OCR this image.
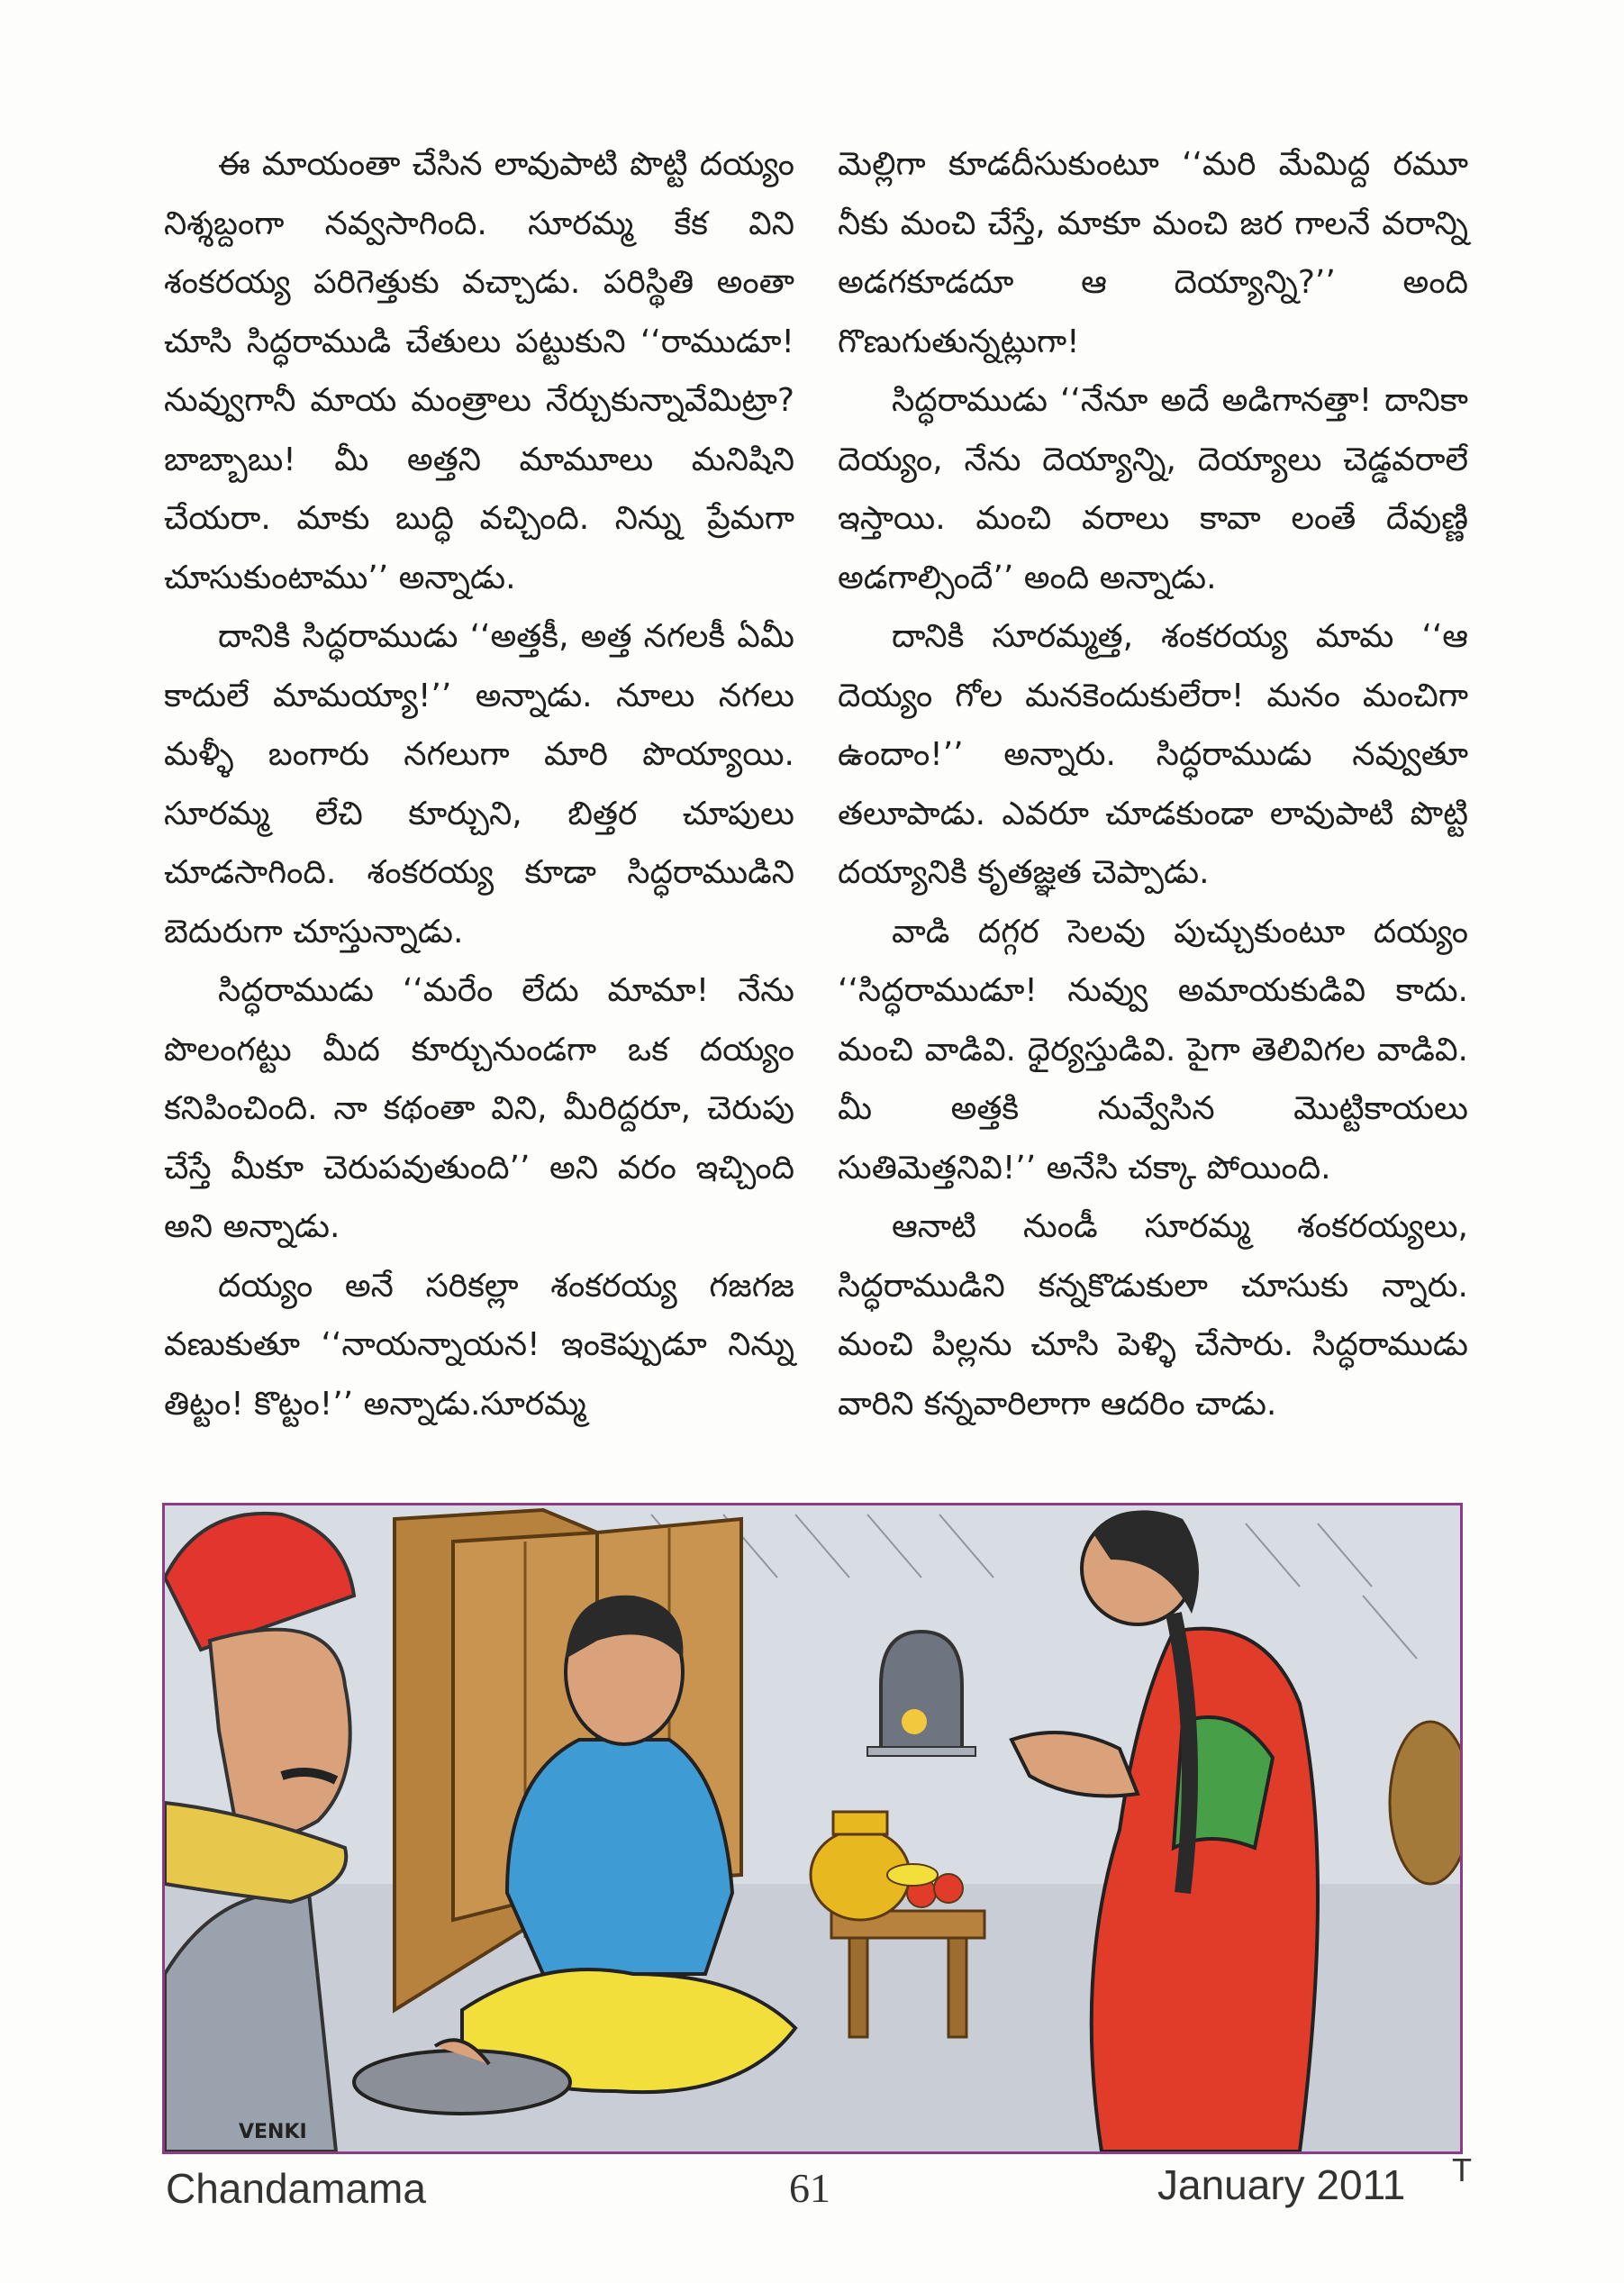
ఈ మాయంతా చేసిన లావుపాటి పొట్టి దయ్యం నిశ్శబ్దంగా నవ్వసాగింది. సూరమ్మ కేక విని శంకరయ్య పరిగెత్తుకు వచ్చాడు. పరిస్థితి అంతా చూసి సిద్ధరాముడి చేతులు పట్టుకుని ‘‘రాముడూ! నువ్వుగానీ మాయ మంత్రాలు నేర్చుకున్నావేమిట్రా? బాబ్బాబు! మీ అత్తని మామూలు మనిషిని చేయరా. మాకు బుద్ధి వచ్చింది. నిన్ను ప్రేమగా చూసుకుంటాము’’ అన్నాడు.

దానికి సిద్ధరాముడు ‘‘అత్తకీ, అత్త నగలకీ ఏమీ కాదులే మామయ్యా!’’ అన్నాడు. నూలు నగలు మళ్ళీ బంగారు నగలుగా మారి పొయ్యాయి. సూరమ్మ లేచి కూర్చుని, బిత్తర చూపులు చూడసాగింది. శంకరయ్య కూడా సిద్ధరాముడిని బెదురుగా చూస్తున్నాడు.

సిద్ధరాముడు ‘‘మరేం లేదు మామా! నేను పొలంగట్టు మీద కూర్చునుండగా ఒక దయ్యం కనిపించింది. నా కథంతా విని, మీరిద్దరూ, చెరుపు చేస్తే మీకూ చెరుపవుతుంది’’ అని వరం ఇచ్చింది అని అన్నాడు.

దయ్యం అనే సరికల్లా శంకరయ్య గజగజ వణుకుతూ ‘‘నాయన్నాయన! ఇంకెప్పుడూ నిన్ను తిట్టం! కొట్టం!’’ అన్నాడు.సూరమ్మ

మెల్లిగా కూడదీసుకుంటూ ‘‘మరి మేమిద్ద రమూ నీకు మంచి చేస్తే, మాకూ మంచి జర గాలనే వరాన్ని అడగకూడదూ ఆ దెయ్యాన్ని?’’ అంది గొణుగుతున్నట్లుగా!

సిద్ధరాముడు ‘‘నేనూ అదే అడిగానత్తా! దానికా దెయ్యం, నేను దెయ్యాన్ని, దెయ్యాలు చెడ్డవరాలే ఇస్తాయి. మంచి వరాలు కావా లంతే దేవుణ్ణి అడగాల్సిందే’’ అంది అన్నాడు.

దానికి సూరమ్మత్త, శంకరయ్య మామ ‘‘ఆ దెయ్యం గోల మనకెందుకులేరా! మనం మంచిగా ఉందాం!’’ అన్నారు. సిద్ధరాముడు నవ్వుతూ తలూపాడు. ఎవరూ చూడకుండా లావుపాటి పొట్టి దయ్యానికి కృతజ్ఞత చెప్పాడు.

వాడి దగ్గర సెలవు పుచ్చుకుంటూ దయ్యం ‘‘సిద్ధరాముడూ! నువ్వు అమాయకుడివి కాదు. మంచి వాడివి. ధైర్యస్తుడివి. పైగా తెలివిగల వాడివి. మీ అత్తకి నువ్వేసిన మొట్టికాయలు సుతిమెత్తనివి!’’ అనేసి చక్కా పోయింది.

ఆనాటి నుండీ సూరమ్మ శంకరయ్యలు, సిద్ధరాముడిని కన్నకొడుకులా చూసుకు న్నారు. మంచి పిల్లను చూసి పెళ్ళి చేసారు. సిద్ధరాముడు వారిని కన్నవారిలాగా ఆదరిం చాడు.

VENKI
Chandamama	61	January 2011 T
